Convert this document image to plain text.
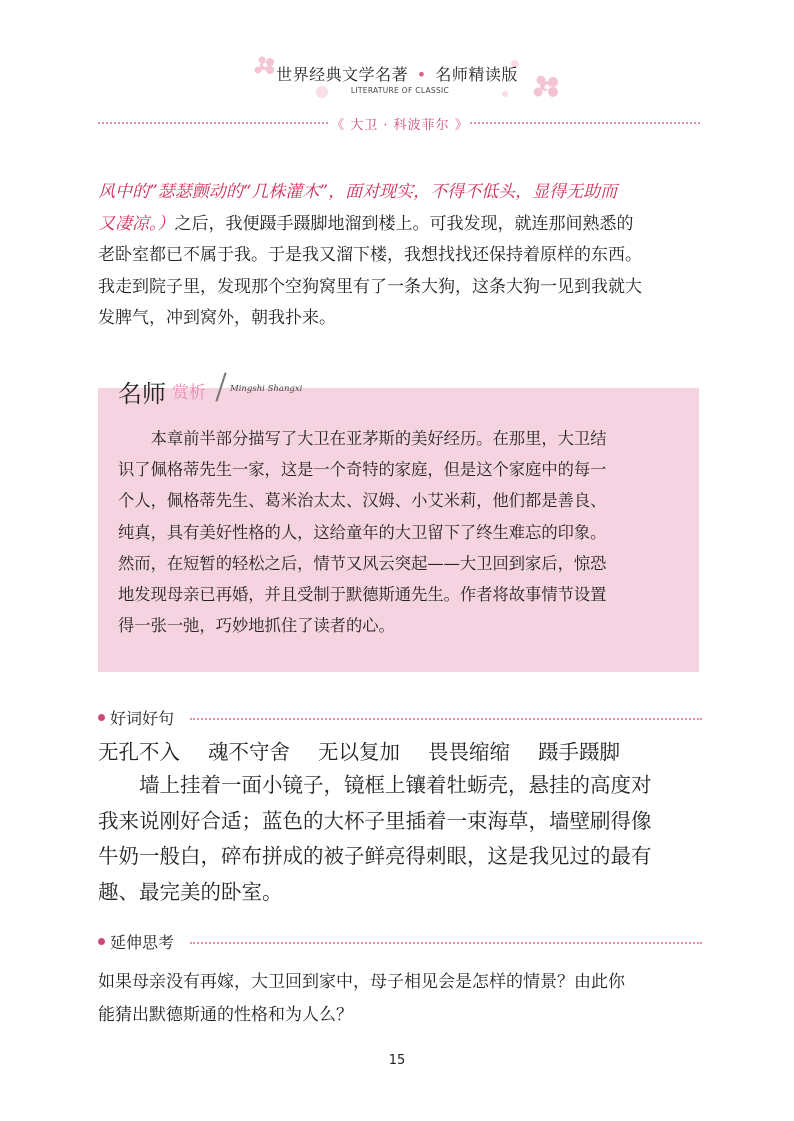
世界经典文学名著 • 名师精读版
LITERATURE OF CLASSIC
《 大卫 · 科波菲尔 》
风中的”瑟瑟颤动的“几株灌木”，面对现实，不得不低头，显得无助而
又凄凉。）之后，我便蹑手蹑脚地溜到楼上。可我发现，就连那间熟悉的
老卧室都已不属于我。于是我又溜下楼，我想找找还保持着原样的东西。
我走到院子里，发现那个空狗窝里有了一条大狗，这条大狗一见到我就大
发脾气，冲到窝外，朝我扑来。
名师 赏析	Mingshi Shangxi
本章前半部分描写了大卫在亚茅斯的美好经历。在那里，大卫结
识了佩格蒂先生一家，这是一个奇特的家庭，但是这个家庭中的每一
个人，佩格蒂先生、葛米治太太、汉姆、小艾米莉，他们都是善良、
纯真，具有美好性格的人，这给童年的大卫留下了终生难忘的印象。
然而，在短暂的轻松之后，情节又风云突起——大卫回到家后，惊恐
地发现母亲已再婚，并且受制于默德斯通先生。作者将故事情节设置
得一张一弛，巧妙地抓住了读者的心。
好词好句
无孔不入 魂不守舍 无以复加 畏畏缩缩 蹑手蹑脚
墙上挂着一面小镜子，镜框上镶着牡蛎壳，悬挂的高度对
我来说刚好合适；蓝色的大杯子里插着一束海草，墙壁刷得像
牛奶一般白，碎布拼成的被子鲜亮得刺眼，这是我见过的最有
趣、最完美的卧室。
延伸思考
如果母亲没有再嫁，大卫回到家中，母子相见会是怎样的情景？由此你
能猜出默德斯通的性格和为人么？
15
